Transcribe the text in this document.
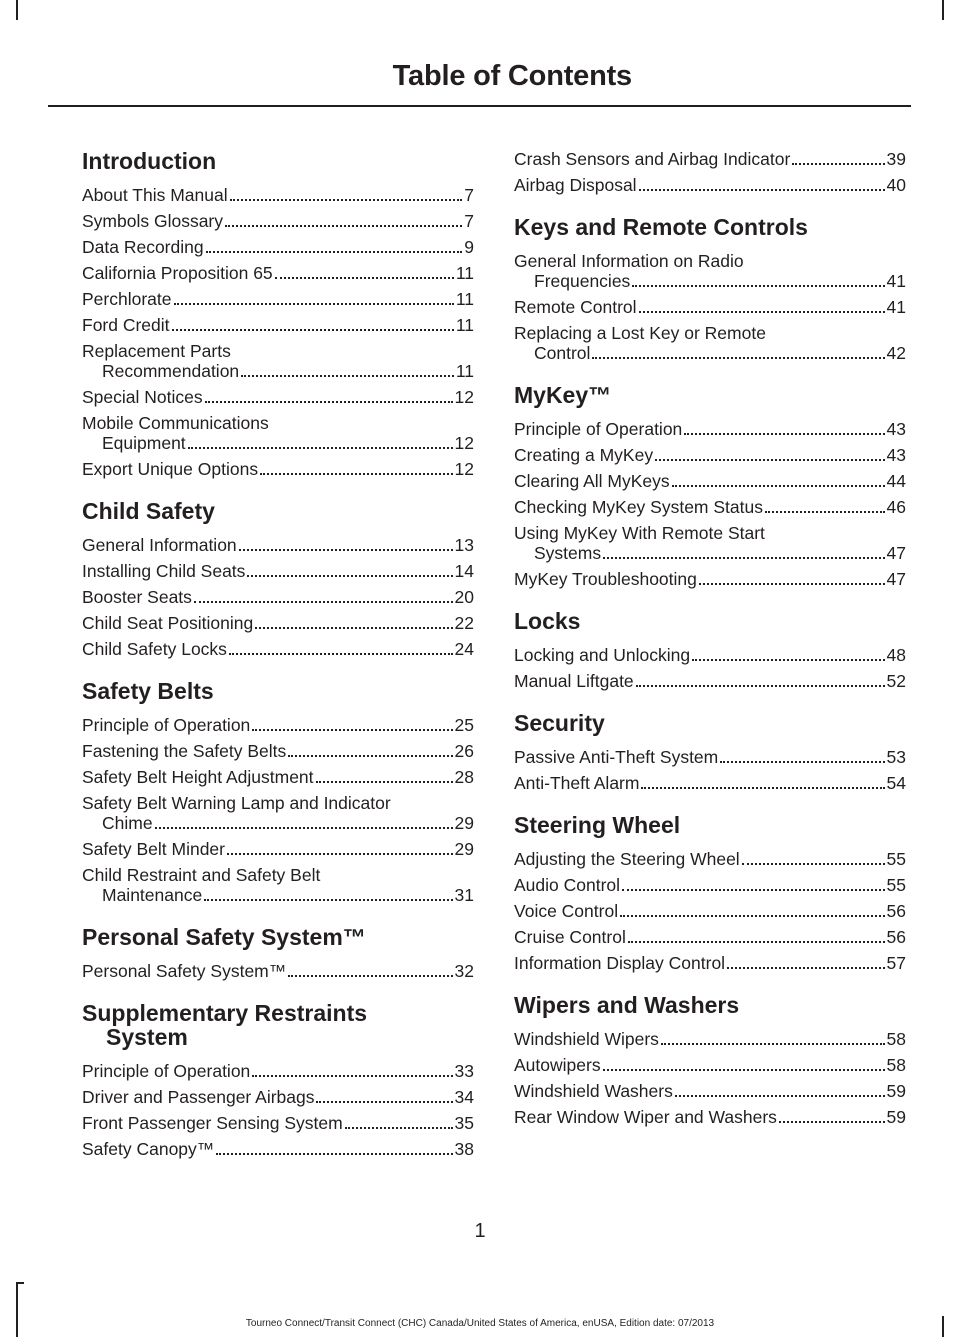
Table of Contents
Introduction
About This Manual	7
Symbols Glossary	7
Data Recording	9
California Proposition 65	11
Perchlorate	11
Ford Credit	11
Replacement Parts
Recommendation	11
Special Notices	12
Mobile Communications
Equipment	12
Export Unique Options	12
Child Safety
General Information	13
Installing Child Seats	14
Booster Seats	20
Child Seat Positioning	22
Child Safety Locks	24
Safety Belts
Principle of Operation	25
Fastening the Safety Belts	26
Safety Belt Height Adjustment	28
Safety Belt Warning Lamp and Indicator
Chime	29
Safety Belt Minder	29
Child Restraint and Safety Belt
Maintenance	31
Personal Safety System™
Personal Safety System™	32
Supplementary Restraints
System
Principle of Operation	33
Driver and Passenger Airbags	34
Front Passenger Sensing System	35
Safety Canopy™	38
Crash Sensors and Airbag Indicator	39
Airbag Disposal	40
Keys and Remote Controls
General Information on Radio
Frequencies	41
Remote Control	41
Replacing a Lost Key or Remote
Control	42
MyKey™
Principle of Operation	43
Creating a MyKey	43
Clearing All MyKeys	44
Checking MyKey System Status	46
Using MyKey With Remote Start
Systems	47
MyKey Troubleshooting	47
Locks
Locking and Unlocking	48
Manual Liftgate	52
Security
Passive Anti-Theft System	53
Anti-Theft Alarm	54
Steering Wheel
Adjusting the Steering Wheel	55
Audio Control	55
Voice Control	56
Cruise Control	56
Information Display Control	57
Wipers and Washers
Windshield Wipers	58
Autowipers	58
Windshield Washers	59
Rear Window Wiper and Washers	59
1
Tourneo Connect/Transit Connect (CHC) Canada/United States of America, enUSA, Edition date: 07/2013
